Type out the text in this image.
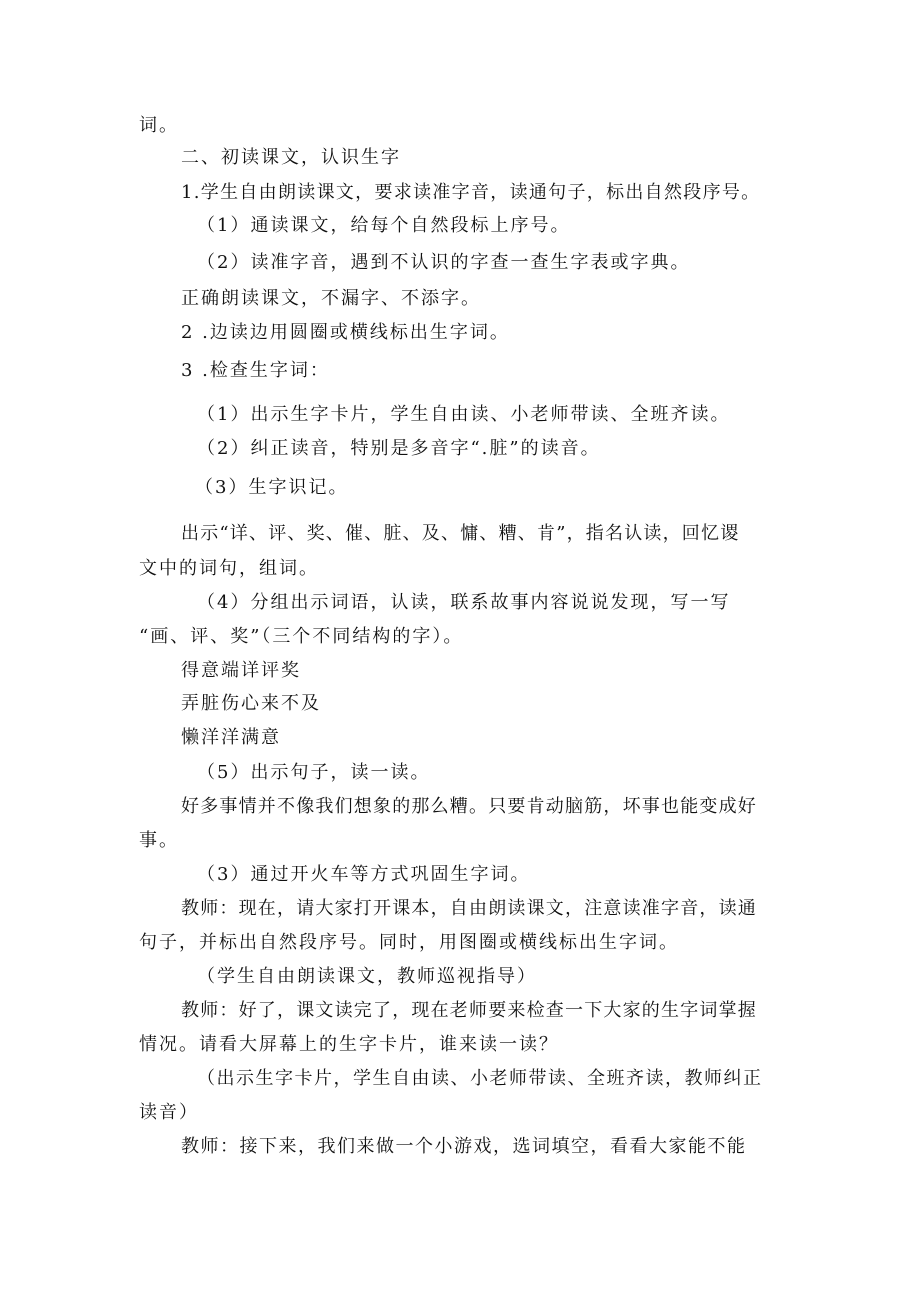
词。
二、初读课文，认识生字
1.学生自由朗读课文，要求读准字音，读通句子，标出自然段序号。
（1）通读课文，给每个自然段标上序号。
（2）读准字音，遇到不认识的字查一查生字表或字典。
正确朗读课文，不漏字、不添字。
2 .边读边用圆圈或横线标出生字词。
3 .检查生字词：
（1）出示生字卡片，学生自由读、小老师带读、全班齐读。
（2）纠正读音，特别是多音字“.脏”的读音。
（3）生字识记。
出示“详、评、奖、催、脏、及、慵、糟、肯”，指名认读，回忆谡
文中的词句，组词。
（4）分组出示词语，认读，联系故事内容说说发现，写一写
“画、评、奖”（三个不同结构的字）。
得意端详评奖
弄脏伤心来不及
懒洋洋满意
（5）出示句子，读一读。
好多事情并不像我们想象的那么糟。只要肯动脑筋，坏事也能变成好
事。
（3）通过开火车等方式巩固生字词。
教师：现在，请大家打开课本，自由朗读课文，注意读准字音，读通
句子，并标出自然段序号。同时，用图圈或横线标出生字词。
（学生自由朗读课文，教师巡视指导）
教师：好了，课文读完了，现在老师要来检查一下大家的生字词掌握
情况。请看大屏幕上的生字卡片，谁来读一读？
（出示生字卡片，学生自由读、小老师带读、全班齐读，教师纠正
读音）
教师：接下来，我们来做一个小游戏，选词填空，看看大家能不能
